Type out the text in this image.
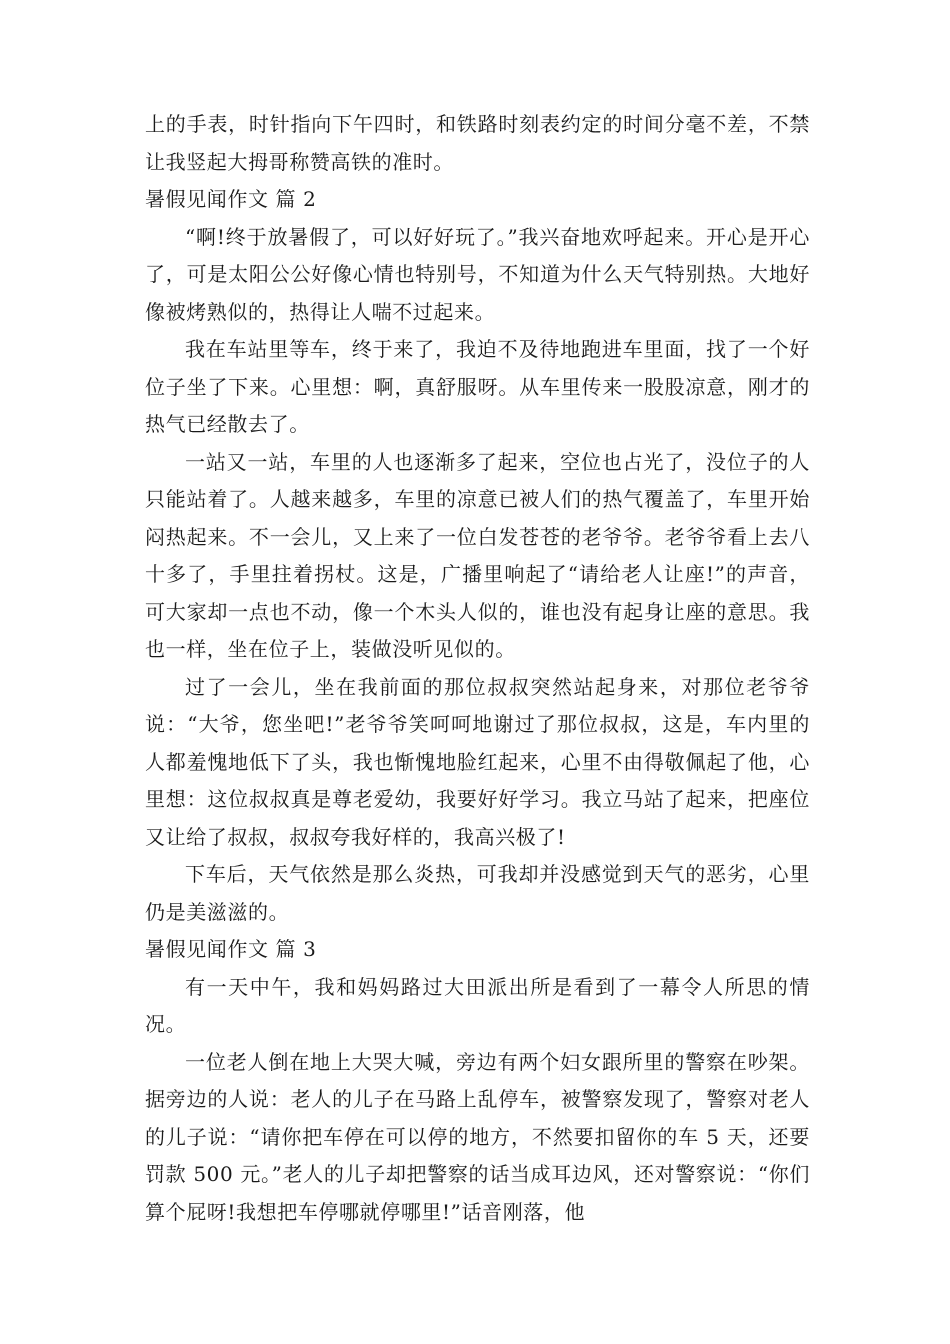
上的手表，时针指向下午四时，和铁路时刻表约定的时间分毫不差，不禁让我竖起大拇哥称赞高铁的准时。

暑假见闻作文 篇 2

“啊!终于放暑假了，可以好好玩了。”我兴奋地欢呼起来。开心是开心了，可是太阳公公好像心情也特别号，不知道为什么天气特别热。大地好像被烤熟似的，热得让人喘不过起来。

我在车站里等车，终于来了，我迫不及待地跑进车里面，找了一个好位子坐了下来。心里想：啊，真舒服呀。从车里传来一股股凉意，刚才的热气已经散去了。

一站又一站，车里的人也逐渐多了起来，空位也占光了，没位子的人只能站着了。人越来越多，车里的凉意已被人们的热气覆盖了，车里开始闷热起来。不一会儿，又上来了一位白发苍苍的老爷爷。老爷爷看上去八十多了，手里拄着拐杖。这是，广播里响起了“请给老人让座!”的声音，可大家却一点也不动，像一个木头人似的，谁也没有起身让座的意思。我也一样，坐在位子上，装做没听见似的。

过了一会儿，坐在我前面的那位叔叔突然站起身来，对那位老爷爷说：“大爷，您坐吧!”老爷爷笑呵呵地谢过了那位叔叔，这是，车内里的人都羞愧地低下了头，我也惭愧地脸红起来，心里不由得敬佩起了他，心里想：这位叔叔真是尊老爱幼，我要好好学习。我立马站了起来，把座位又让给了叔叔，叔叔夸我好样的，我高兴极了!

下车后，天气依然是那么炎热，可我却并没感觉到天气的恶劣，心里仍是美滋滋的。

暑假见闻作文 篇 3

有一天中午，我和妈妈路过大田派出所是看到了一幕令人所思的情况。

一位老人倒在地上大哭大喊，旁边有两个妇女跟所里的警察在吵架。据旁边的人说：老人的儿子在马路上乱停车，被警察发现了，警察对老人的儿子说：“请你把车停在可以停的地方，不然要扣留你的车 5 天，还要罚款 500 元。”老人的儿子却把警察的话当成耳边风，还对警察说：“你们算个屁呀!我想把车停哪就停哪里!”话音刚落，他
